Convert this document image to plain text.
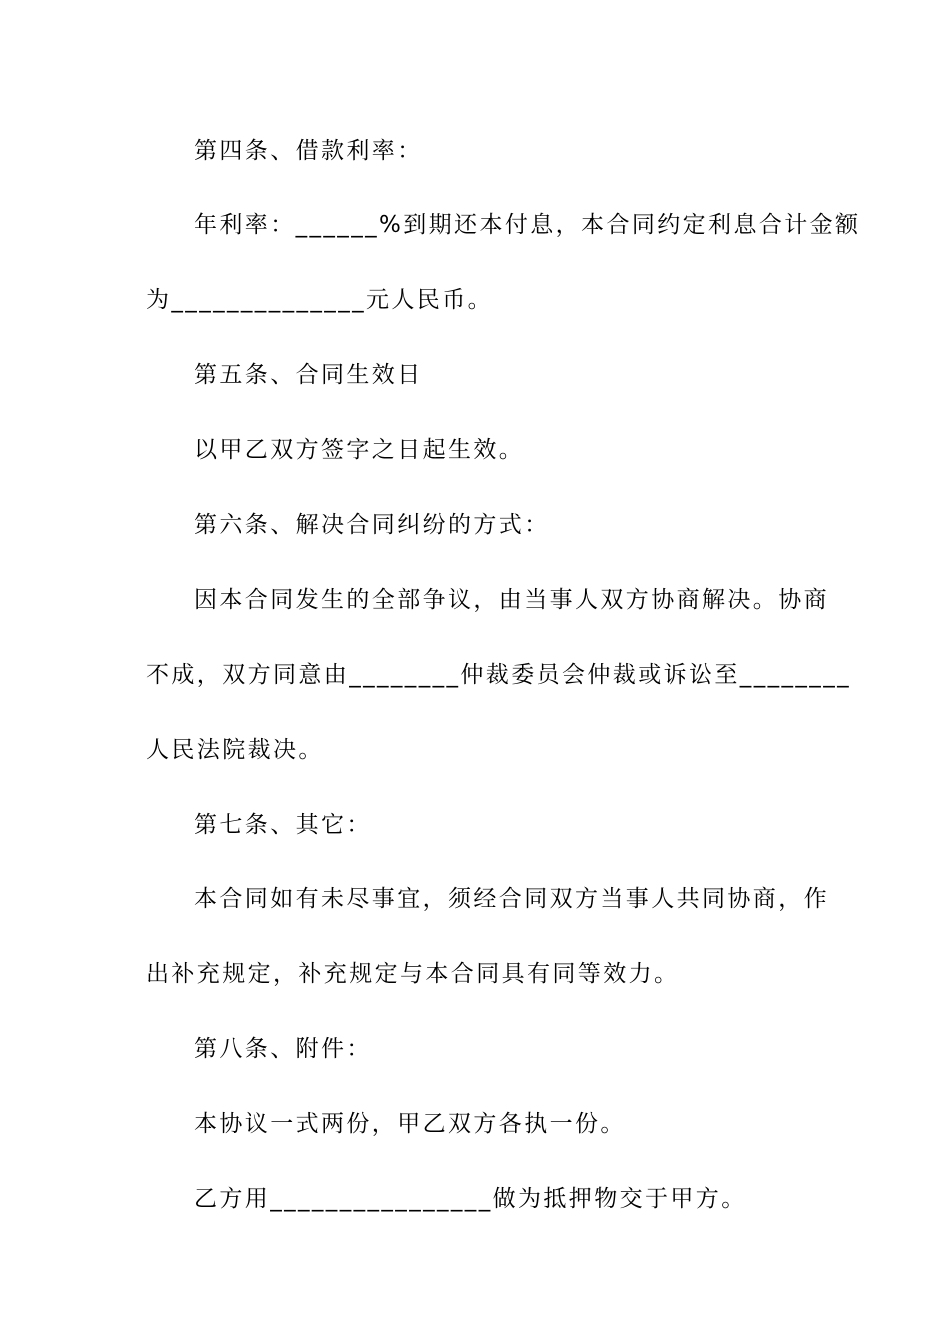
第四条、借款利率：
年利率：______%到期还本付息，本合同约定利息合计金额
为______________元人民币。
第五条、合同生效日
以甲乙双方签字之日起生效。
第六条、解决合同纠纷的方式：
因本合同发生的全部争议，由当事人双方协商解决。协商
不成，双方同意由________仲裁委员会仲裁或诉讼至________
人民法院裁决。
第七条、其它：
本合同如有未尽事宜，须经合同双方当事人共同协商，作
出补充规定，补充规定与本合同具有同等效力。
第八条、附件：
本协议一式两份，甲乙双方各执一份。
乙方用________________做为抵押物交于甲方。
